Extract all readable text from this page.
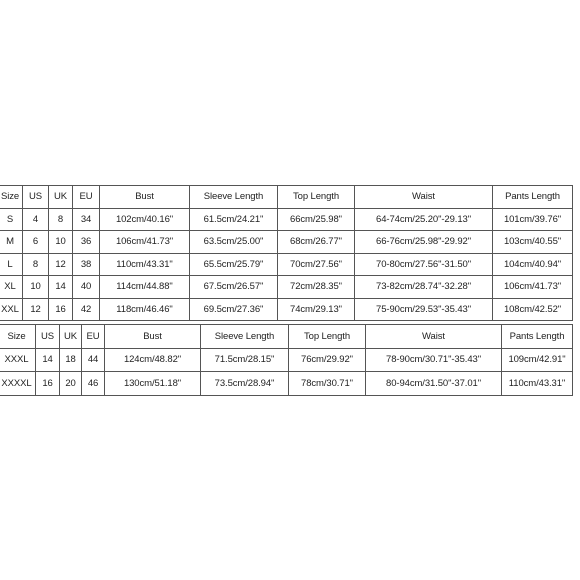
Size	US	UK	EU	Bust	Sleeve Length	Top Length	Waist	Pants Length
S	4	8	34	102cm/40.16"	61.5cm/24.21"	66cm/25.98"	64-74cm/25.20"-29.13"	101cm/39.76"
M	6	10	36	106cm/41.73"	63.5cm/25.00"	68cm/26.77"	66-76cm/25.98"-29.92"	103cm/40.55"
L	8	12	38	110cm/43.31"	65.5cm/25.79"	70cm/27.56"	70-80cm/27.56"-31.50"	104cm/40.94"
XL	10	14	40	114cm/44.88"	67.5cm/26.57"	72cm/28.35"	73-82cm/28.74"-32.28"	106cm/41.73"
XXL	12	16	42	118cm/46.46"	69.5cm/27.36"	74cm/29.13"	75-90cm/29.53"-35.43"	108cm/42.52"
Size	US	UK	EU	Bust	Sleeve Length	Top Length	Waist	Pants Length
XXXL	14	18	44	124cm/48.82"	71.5cm/28.15"	76cm/29.92"	78-90cm/30.71"-35.43"	109cm/42.91"
XXXXL	16	20	46	130cm/51.18"	73.5cm/28.94"	78cm/30.71"	80-94cm/31.50"-37.01"	110cm/43.31"
